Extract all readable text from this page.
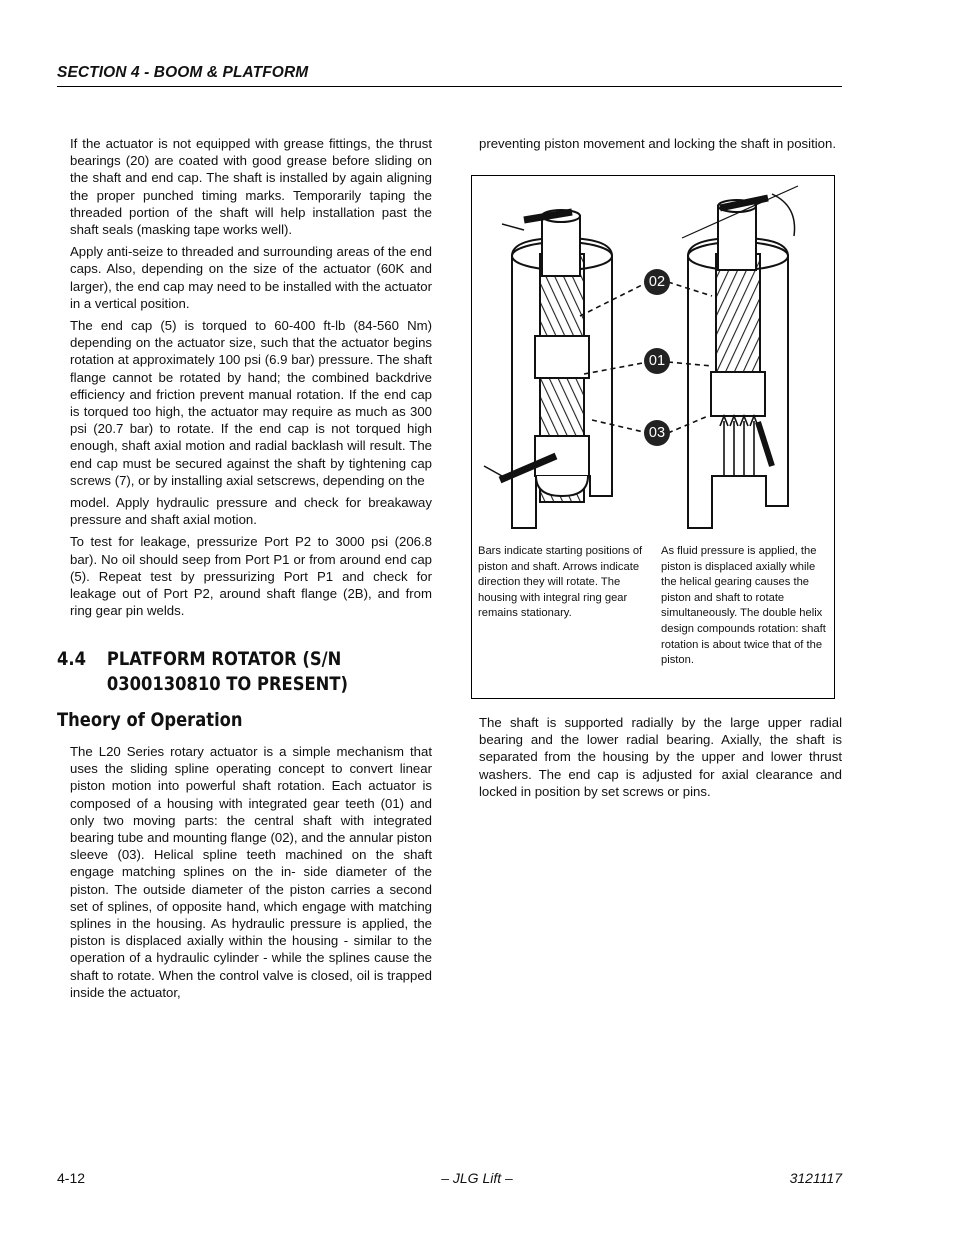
SECTION 4 - BOOM & PLATFORM

If the actuator is not equipped with grease fittings, the thrust bearings (20) are coated with good grease before sliding on the shaft and end cap. The shaft is installed by again aligning the proper punched timing marks. Temporarily taping the threaded portion of the shaft will help installation past the shaft seals (masking tape works well).

Apply anti-seize to threaded and surrounding areas of the end caps. Also, depending on the size of the actuator (60K and larger), the end cap may need to be installed with the actuator in a vertical position.

The end cap (5) is torqued to 60-400 ft-lb (84-560 Nm) depending on the actuator size, such that the actuator begins rotation at approximately 100 psi (6.9 bar) pressure. The shaft flange cannot be rotated by hand; the combined backdrive efficiency and friction prevent manual rotation. If the end cap is torqued too high, the actuator may require as much as 300 psi (20.7 bar) to rotate. If the end cap is not torqued high enough, shaft axial motion and radial backlash will result. The end cap must be secured against the shaft by tightening cap screws (7), or by installing axial setscrews, depending on the

model. Apply hydraulic pressure and check for breakaway pressure and shaft axial motion.

To test for leakage, pressurize Port P2 to 3000 psi (206.8 bar). No oil should seep from Port P1 or from around end cap (5). Repeat test by pressurizing Port P1 and check for leakage out of Port P2, around shaft flange (2B), and from ring gear pin welds.

4.4 PLATFORM ROTATOR (S/N
0300130810 TO PRESENT)
Theory of Operation

The L20 Series rotary actuator is a simple mechanism that uses the sliding spline operating concept to convert linear piston motion into powerful shaft rotation. Each actuator is composed of a housing with integrated gear teeth (01) and only two moving parts: the central shaft with integrated bearing tube and mounting flange (02), and the annular piston sleeve (03). Helical spline teeth machined on the shaft engage matching splines on the in- side diameter of the piston. The outside diameter of the piston carries a second set of splines, of opposite hand, which engage with matching splines in the housing. As hydraulic pressure is applied, the piston is displaced axially within the housing - similar to the operation of a hydraulic cylinder - while the splines cause the shaft to rotate. When the control valve is closed, oil is trapped inside the actuator,

preventing piston movement and locking the shaft in position.

02
01
03
Bars indicate starting positions of piston and shaft. Arrows indicate direction they will rotate. The housing with integral ring gear remains stationary.
As fluid pressure is applied, the piston is displaced axially while the helical gearing causes the piston and shaft to rotate simultaneously. The double helix design compounds rotation: shaft rotation is about twice that of the piston.

The shaft is supported radially by the large upper radial bearing and the lower radial bearing. Axially, the shaft is separated from the housing by the upper and lower thrust washers. The end cap is adjusted for axial clearance and locked in position by set screws or pins.

4-12	– JLG Lift –	3121117
